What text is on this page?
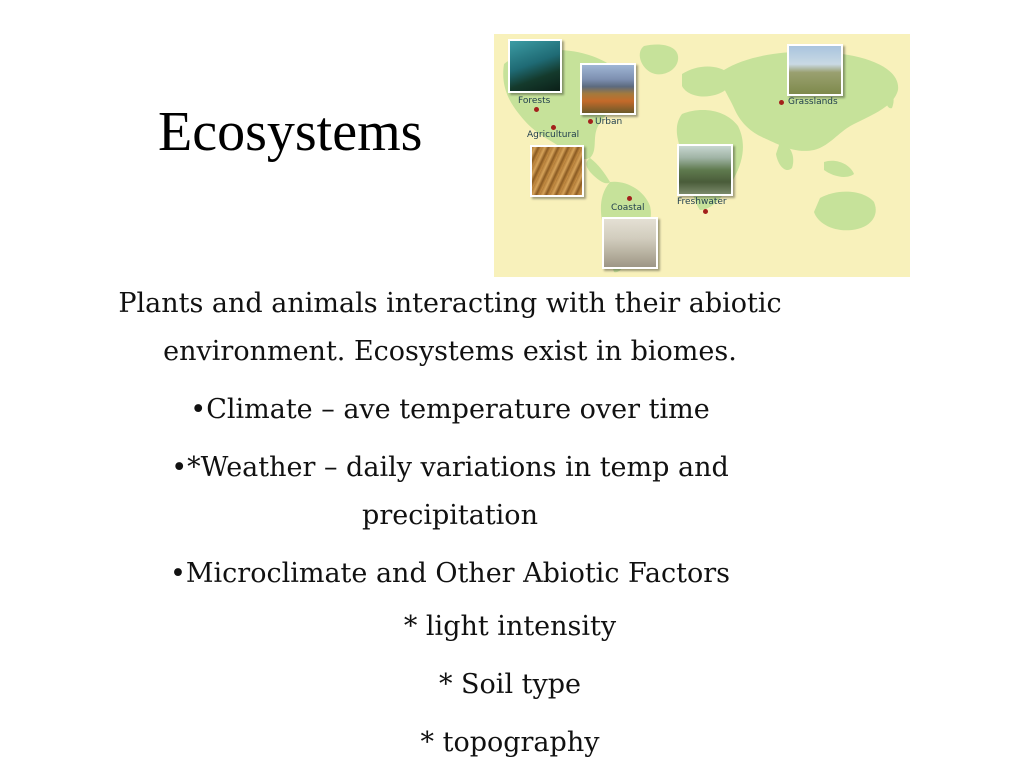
Ecosystems	Forests
Urban
Agricultural
Grasslands
Freshwater
Coastal

Plants and animals interacting with their abiotic

environment. Ecosystems exist in biomes.

•Climate – ave temperature over time

•*Weather – daily variations in temp and

precipitation

•Microclimate and Other Abiotic Factors

* light intensity

* Soil type

* topography
